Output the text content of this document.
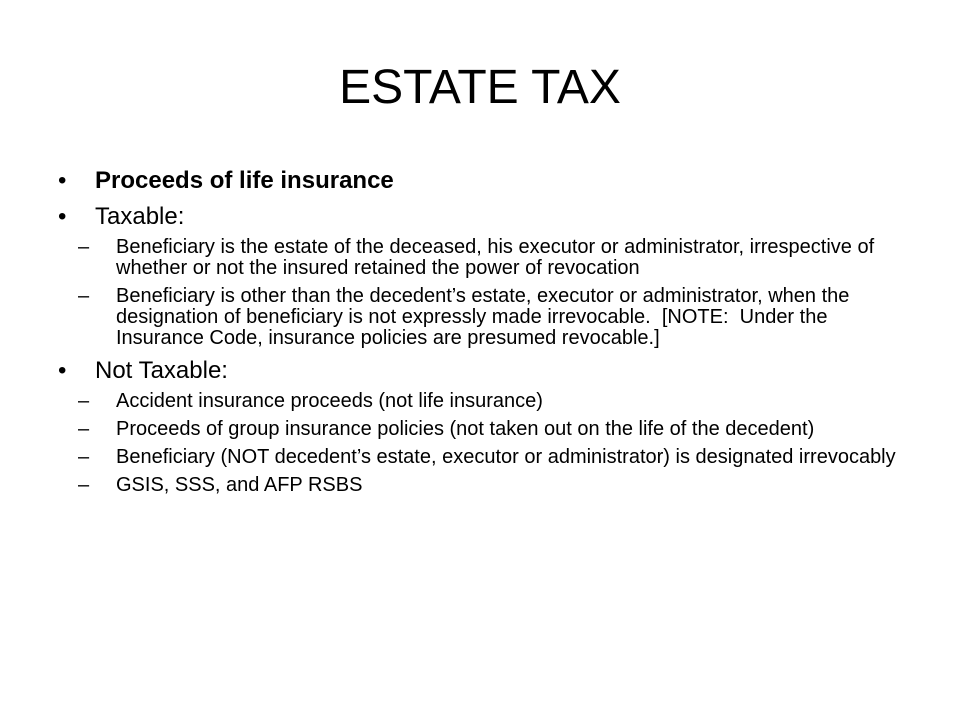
ESTATE TAX
• Proceeds of life insurance
• Taxable:
– Beneficiary is the estate of the deceased, his executor or administrator, irrespective of whether or not the insured retained the power of revocation
– Beneficiary is other than the decedent’s estate, executor or administrator, when the designation of beneficiary is not expressly made irrevocable.  [NOTE:  Under the Insurance Code, insurance policies are presumed revocable.]
• Not Taxable:
– Accident insurance proceeds (not life insurance)
– Proceeds of group insurance policies (not taken out on the life of the decedent)
– Beneficiary (NOT decedent’s estate, executor or administrator) is designated irrevocably
– GSIS, SSS, and AFP RSBS
